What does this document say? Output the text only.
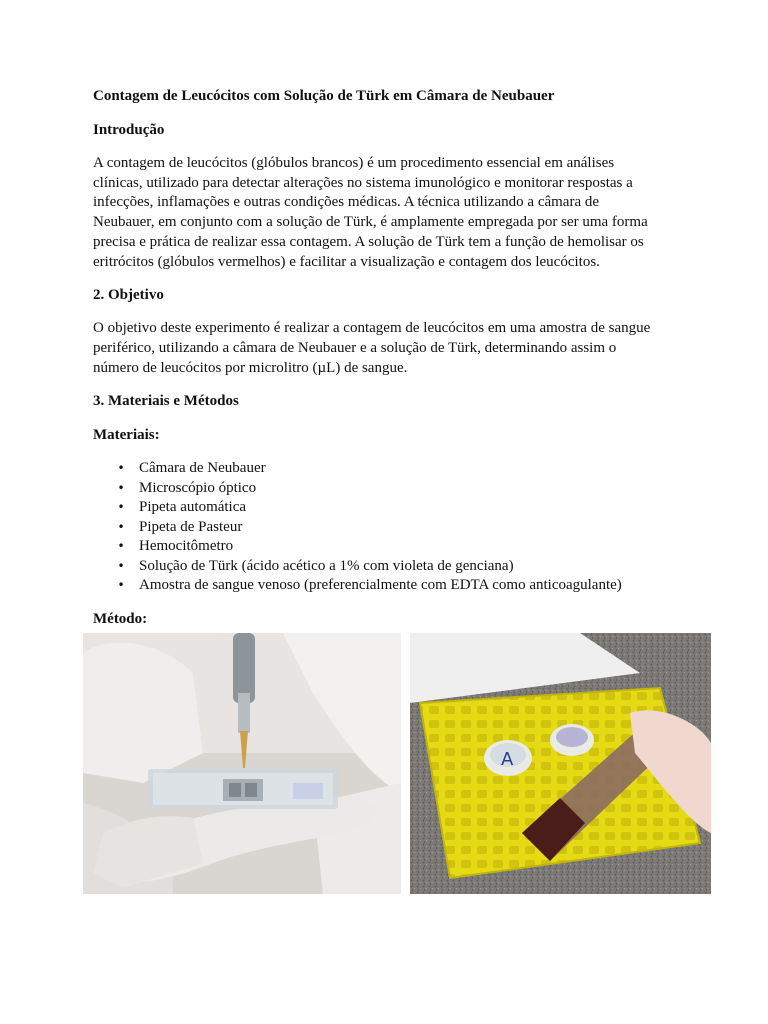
Contagem de Leucócitos com Solução de Türk em Câmara de Neubauer
Introdução

A contagem de leucócitos (glóbulos brancos) é um procedimento essencial em análises
clínicas, utilizado para detectar alterações no sistema imunológico e monitorar respostas a
infecções, inflamações e outras condições médicas. A técnica utilizando a câmara de
Neubauer, em conjunto com a solução de Türk, é amplamente empregada por ser uma forma
precisa e prática de realizar essa contagem. A solução de Türk tem a função de hemolisar os
eritrócitos (glóbulos vermelhos) e facilitar a visualização e contagem dos leucócitos.

2. Objetivo

O objetivo deste experimento é realizar a contagem de leucócitos em uma amostra de sangue
periférico, utilizando a câmara de Neubauer e a solução de Türk, determinando assim o
número de leucócitos por microlitro (µL) de sangue.

3. Materiais e Métodos
Materiais:
• Câmara de Neubauer
• Microscópio óptico
• Pipeta automática
• Pipeta de Pasteur
• Hemocitômetro
• Solução de Türk (ácido acético a 1% com violeta de genciana)
• Amostra de sangue venoso (preferencialmente com EDTA como anticoagulante)
Método:
A
